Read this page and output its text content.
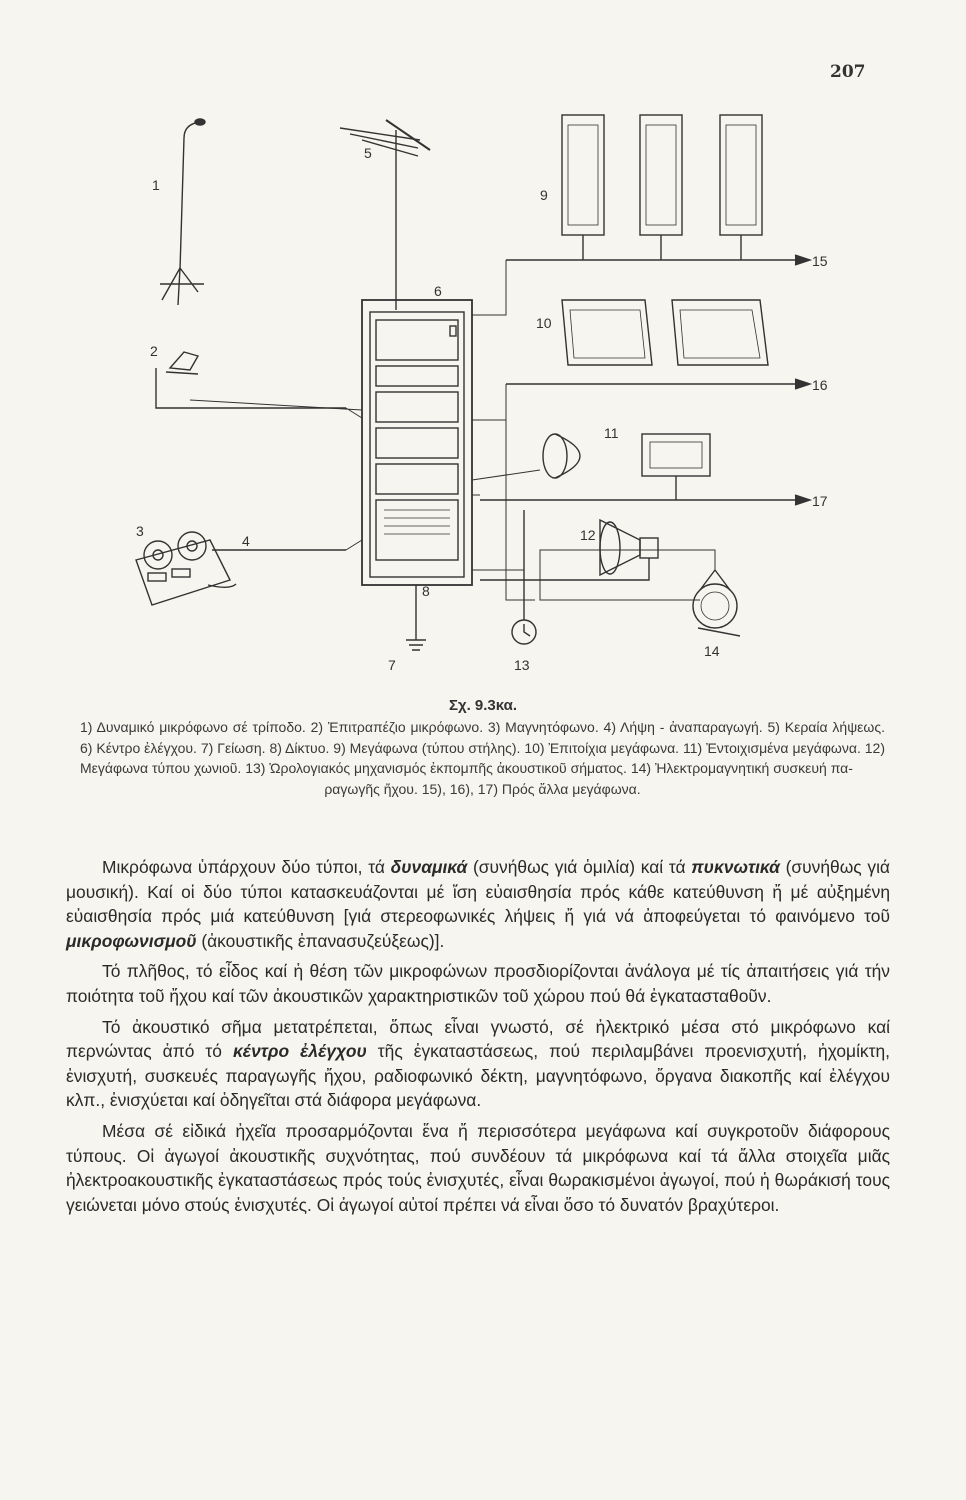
207
1
2
3
4
5
6
7
8
9
10
11
12
13
14
15
16
17
Σχ. 9.3κα.
1) Δυναμικό μικρόφωνο σέ τρίποδο. 2) Ἐπιτραπέζιο μικρόφωνο. 3) Μαγνητόφωνο. 4) Λήψη - ἀναπαραγωγή. 5) Κεραία λήψεως. 6) Κέντρο ἐλέγχου. 7) Γείωση. 8) Δίκτυο. 9) Μεγάφωνα (τύπου στήλης). 10) Ἐπιτοίχια μεγάφωνα. 11) Ἐντοιχισμένα μεγάφωνα. 12) Μεγάφωνα τύπου χωνιοῦ. 13) Ὡρολογιακός μηχανισμός ἐκπομπῆς ἀκουστικοῦ σήματος. 14) Ἠλεκτρομαγνητική συσκευή πα-
ραγωγῆς ἤχου. 15), 16), 17) Πρός ἄλλα μεγάφωνα.

Μικρόφωνα ὑπάρχουν δύο τύποι, τά δυναμικά (συνήθως γιά ὁμιλία) καί τά πυκνωτικά (συνήθως γιά μουσική). Καί οἱ δύο τύποι κατασκευάζονται μέ ἴση εὐαισθησία πρός κάθε κατεύθυνση ἤ μέ αὐξημένη εὐαισθησία πρός μιά κατεύθυνση [γιά στερεοφωνικές λήψεις ἤ γιά νά ἀποφεύγεται τό φαινόμενο τοῦ μικροφωνισμοῦ (ἀκουστικῆς ἐπανασυζεύξεως)].

Τό πλῆθος, τό εἶδος καί ἡ θέση τῶν μικροφώνων προσδιορίζονται ἀνάλογα μέ τίς ἀπαιτήσεις γιά τήν ποιότητα τοῦ ἤχου καί τῶν ἀκουστικῶν χαρακτηριστικῶν τοῦ χώρου πού θά ἐγκατασταθοῦν.

Τό ἀκουστικό σῆμα μετατρέπεται, ὅπως εἶναι γνωστό, σέ ἠλεκτρικό μέσα στό μικρόφωνο καί περνώντας ἀπό τό κέντρο ἐλέγχου τῆς ἐγκαταστάσεως, πού περιλαμβάνει προενισχυτή, ἠχομίκτη, ἐνισχυτή, συσκευές παραγωγῆς ἤχου, ραδιοφωνικό δέκτη, μαγνητόφωνο, ὄργανα διακοπῆς καί ἐλέγχου κλπ., ἐνισχύεται καί ὁδηγεῖται στά διάφορα μεγάφωνα.

Μέσα σέ εἰδικά ἠχεῖα προσαρμόζονται ἕνα ἤ περισσότερα μεγάφωνα καί συγκροτοῦν διάφορους τύπους. Οἱ ἀγωγοί ἀκουστικῆς συχνότητας, πού συνδέουν τά μικρόφωνα καί τά ἄλλα στοιχεῖα μιᾶς ἠλεκτροακουστικῆς ἐγκαταστάσεως πρός τούς ἐνισχυτές, εἶναι θωρακισμένοι ἀγωγοί, πού ἡ θωράκισή τους γειώνεται μόνο στούς ἐνισχυτές. Οἱ ἀγωγοί αὐτοί πρέπει νά εἶναι ὅσο τό δυνατόν βραχύτεροι.
